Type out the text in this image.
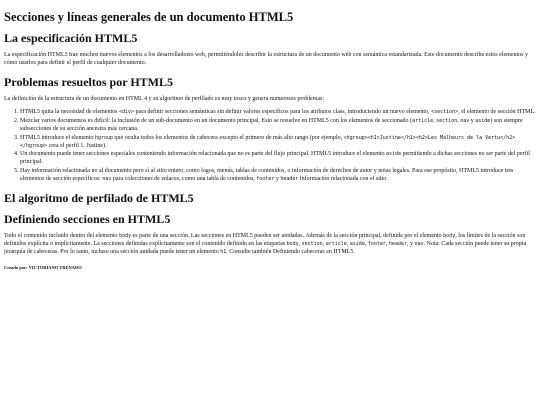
Secciones y líneas generales de un documento HTML5
La especificación HTML5

La especificación HTML5 trae muchos nuevos elementos a los desarrolladores web, permitiéndoles describir la estructura de un documento web con semántica estandarizada. Este documento describe estos elementos y cómo usarlos para definir el perfil de cualquier documento.

Problemas resueltos por HTML5

La definición de la estructura de un documento en HTML 4 y su algoritmo de perfilado es muy tosco y genera numerosos problemas:

1. HTML5 quita la necesidad de elementos <div> para definir secciones semánticas sin definir valores específicos para los atributos class, introduciendo un nuevo elemento, <section>, el elemento de sección HTML.
2. Mezclar varios documentos es difícil: la inclusión de un sub-documento en un documento principal. Esto se resuelve en HTML5 con los elementos de seccionado (article, section, nav y aside) son siempre subsecciones de su sección ancestra más cercana.
3. HTML5 introduce el elemento hgroup que oculta todos los elementos de cabecera excepto el primero de más alto rango (por ejemplo, <hgroup><h1>Justine</h1><h2>Les Malheurs de la Vertu</h2></hgroup> crea el perfil 1. Justine).
4. Un documento puede tener secciones especiales conteniendo información relacionada que no es parte del flujo principal. HTML5 introduce el elemento aside permitiendo a dichas secciones no ser parte del perfil principal.
5. Hay información relacionada no al documento pero sí al sitio entero, como logos, menús, tablas de contenidos, o información de derechos de autor y notas legales. Para ese propósito, HTML5 introduce tres elementos de sección específicos: nav para colecciones de enlaces, como una tabla de contenidos, footer y header información relacionada con el sitio.
El algoritmo de perfilado de HTML5
Definiendo secciones en HTML5

Todo el contenido incluido dentro del elemento body es parte de una sección. Las secciones en HTML5 pueden ser anidadas. Además de la sección principal, definida por el elemento body, los límites de la sección son definidos explícita o implícitamente. La secciones definidas explícitamente son el contenido definido en las etiquetas body, section, article, aside, footer, header, y nav. Nota: Cada sección puede tener su propia jerarquía de cabeceras. Por lo tanto, incluso una sección anidada puede tener un elemento h1. Consulte también Definiendo cabeceras en HTML5.

Creado por: VICTORIANO TRENADO
